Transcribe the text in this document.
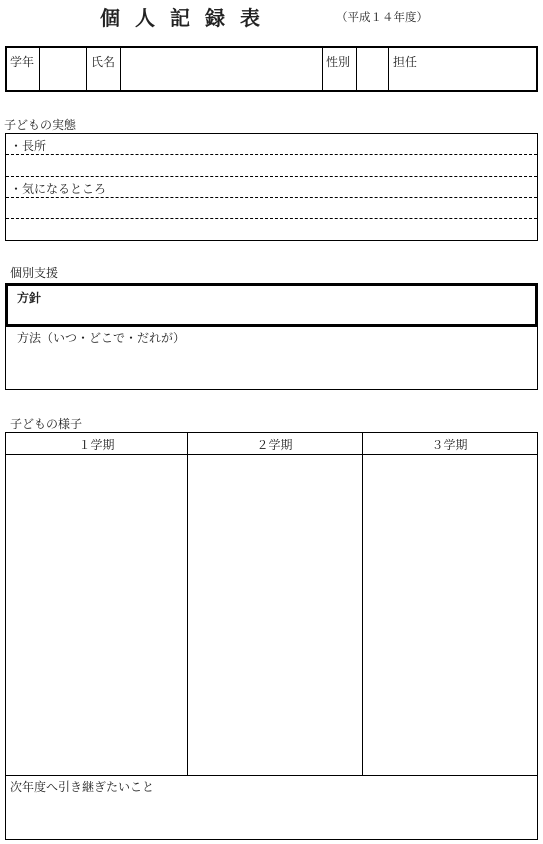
個人記録表	（平成１４年度）
学年	氏名	性別	担任
子どもの実態
・長所
・気になるところ
個別支援
方針
方法（いつ・どこで・だれが）
子どもの様子
１学期	２学期	３学期
次年度へ引き継ぎたいこと
